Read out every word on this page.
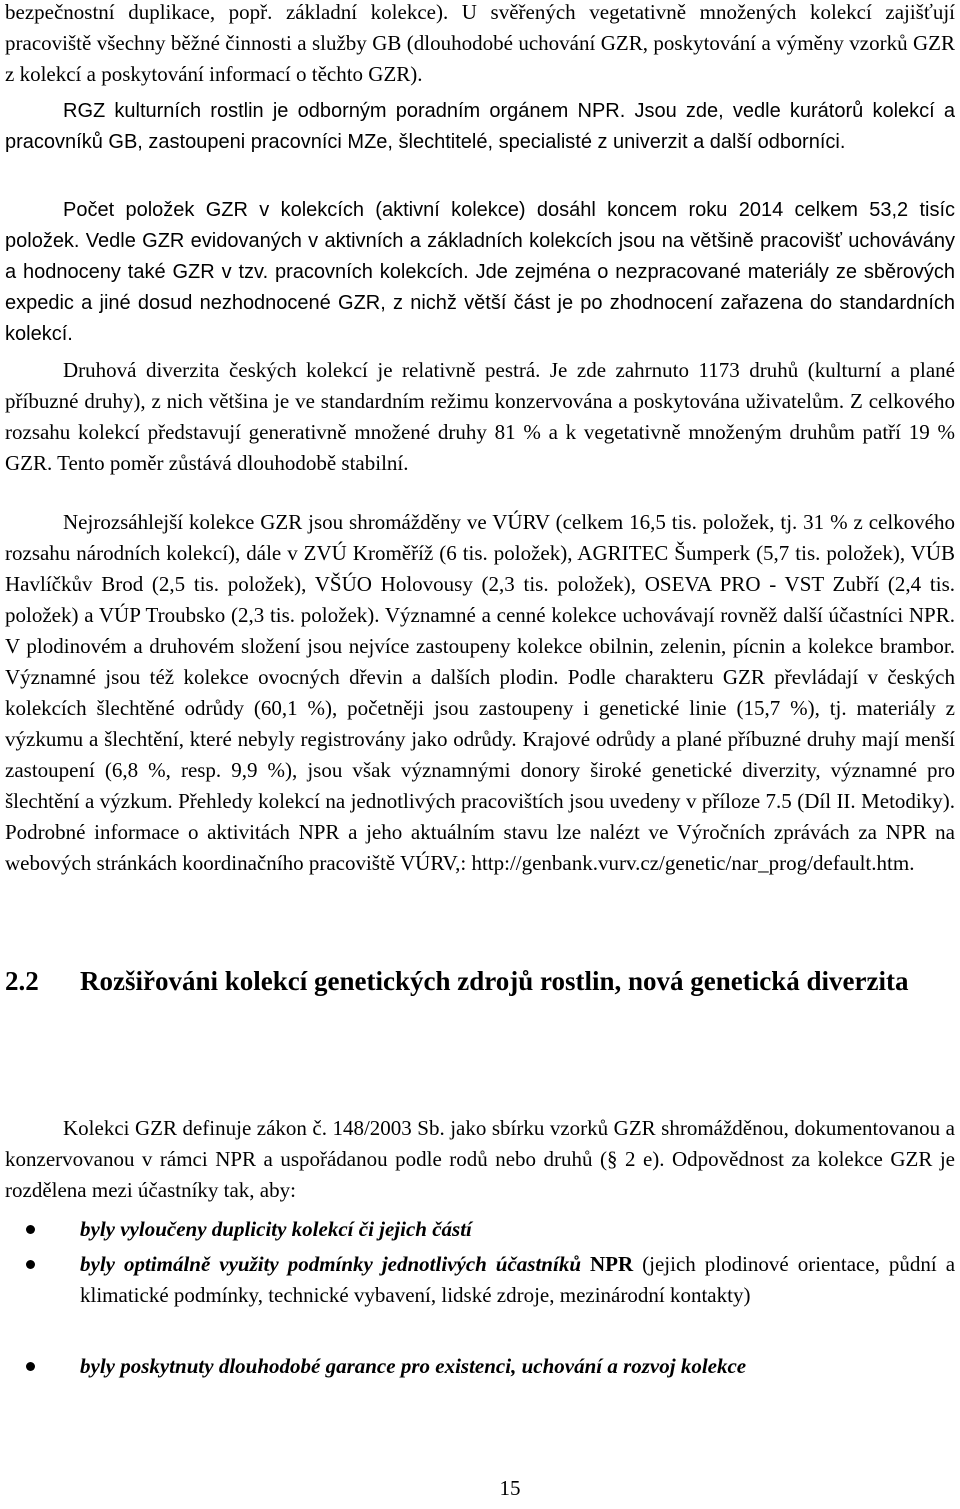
bezpečnostní duplikace, popř. základní kolekce). U svěřených vegetativně množených kolekcí zajišťují pracoviště všechny běžné činnosti a služby GB (dlouhodobé uchování GZR, poskytování a výměny vzorků GZR z kolekcí a poskytování informací o těchto GZR).

RGZ kulturních rostlin je odborným poradním orgánem NPR. Jsou zde, vedle kurátorů kolekcí a pracovníků GB, zastoupeni pracovníci MZe, šlechtitelé, specialisté z univerzit a další odborníci.

Počet položek GZR v kolekcích (aktivní kolekce) dosáhl koncem roku 2014 celkem 53,2 tisíc položek. Vedle GZR evidovaných v aktivních a základních kolekcích jsou na většině pracovišť uchovávány a hodnoceny také GZR v tzv. pracovních kolekcích. Jde zejména o nezpracované materiály ze sběrových expedic a jiné dosud nezhodnocené GZR, z nichž větší část je po zhodnocení zařazena do standardních kolekcí.

Druhová diverzita českých kolekcí je relativně pestrá. Je zde zahrnuto 1173 druhů (kulturní a plané příbuzné druhy), z nich většina je ve standardním režimu konzervována a poskytována uživatelům. Z celkového rozsahu kolekcí představují generativně množené druhy 81 % a k vegetativně množeným druhům patří 19 % GZR. Tento poměr zůstává dlouhodobě stabilní.

Nejrozsáhlejší kolekce GZR jsou shromážděny ve VÚRV (celkem 16,5 tis. položek, tj. 31 % z celkového rozsahu národních kolekcí), dále v ZVÚ Kroměříž (6 tis. položek), AGRITEC Šumperk (5,7 tis. položek), VÚB Havlíčkův Brod (2,5 tis. položek), VŠÚO Holovousy (2,3 tis. položek), OSEVA PRO - VST Zubří (2,4 tis. položek) a VÚP Troubsko (2,3 tis. položek). Významné a cenné kolekce uchovávají rovněž další účastníci NPR. V plodinovém a druhovém složení jsou nejvíce zastoupeny kolekce obilnin, zelenin, pícnin a kolekce brambor. Významné jsou též kolekce ovocných dřevin a dalších plodin. Podle charakteru GZR převládají v českých kolekcích šlechtěné odrůdy (60,1 %), početněji jsou zastoupeny i genetické linie (15,7 %), tj. materiály z výzkumu a šlechtění, které nebyly registrovány jako odrůdy. Krajové odrůdy a plané příbuzné druhy mají menší zastoupení (6,8 %, resp. 9,9 %), jsou však významnými donory široké genetické diverzity, významné pro šlechtění a výzkum. Přehledy kolekcí na jednotlivých pracovištích jsou uvedeny v příloze 7.5 (Díl II. Metodiky). Podrobné informace o aktivitách NPR a jeho aktuálním stavu lze nalézt ve Výročních zprávách za NPR na webových stránkách koordinačního pracoviště VÚRV,: http://genbank.vurv.cz/genetic/nar_prog/default.htm.

2.2 Rozšiřováni kolekcí genetických zdrojů rostlin, nová genetická diverzita

Kolekci GZR definuje zákon č. 148/2003 Sb. jako sbírku vzorků GZR shromážděnou, dokumentovanou a konzervovanou v rámci NPR a uspořádanou podle rodů nebo druhů (§ 2 e). Odpovědnost za kolekce GZR je rozdělena mezi účastníky tak, aby:

byly vyloučeny duplicity kolekcí či jejich částí

byly optimálně využity podmínky jednotlivých účastníků NPR (jejich plodinové orientace, půdní a klimatické podmínky, technické vybavení, lidské zdroje, mezinárodní kontakty)

byly poskytnuty dlouhodobé garance pro existenci, uchování a rozvoj kolekce

15
